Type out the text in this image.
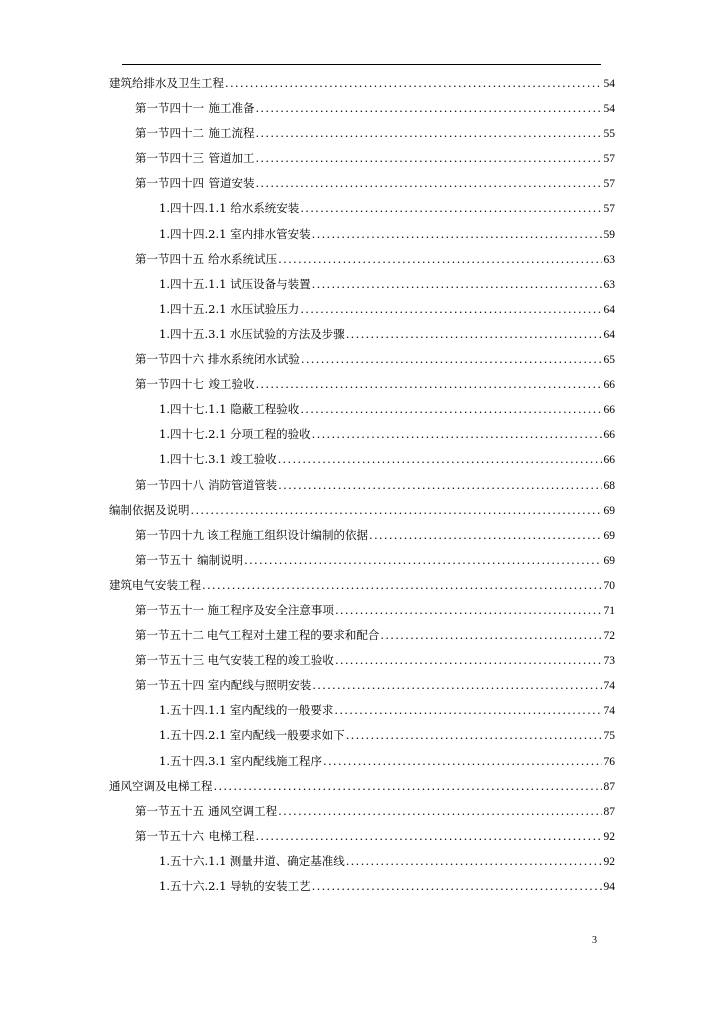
建筑给排水及卫生工程 .....	54
第一节四十一 施工准备 .....	54
第一节四十二 施工流程 .....	55
第一节四十三 管道加工 .....	57
第一节四十四 管道安装 .....	57
1.四十四.1.1 给水系统安装 .....	57
1.四十四.2.1 室内排水管安装 .....	59
第一节四十五 给水系统试压 .....	63
1.四十五.1.1 试压设备与装置 .....	63
1.四十五.2.1 水压试验压力 .....	64
1.四十五.3.1 水压试验的方法及步骤 .....	64
第一节四十六 排水系统闭水试验 .....	65
第一节四十七 竣工验收 .....	66
1.四十七.1.1 隐蔽工程验收 .....	66
1.四十七.2.1 分项工程的验收 .....	66
1.四十七.3.1 竣工验收 .....	66
第一节四十八 消防管道管装 .....	68
编制依据及说明 .....	69
第一节四十九 该工程施工组织设计编制的依据 .....	69
第一节五十 编制说明 .....	69
建筑电气安装工程 .....	70
第一节五十一 施工程序及安全注意事项 .....	71
第一节五十二 电气工程对土建工程的要求和配合 .....	72
第一节五十三 电气安装工程的竣工验收 .....	73
第一节五十四 室内配线与照明安装 .....	74
1.五十四.1.1 室内配线的一般要求 .....	74
1.五十四.2.1 室内配线一般要求如下 .....	75
1.五十四.3.1 室内配线施工程序 .....	76
通风空调及电梯工程 .....	87
第一节五十五 通风空调工程 .....	87
第一节五十六 电梯工程 .....	92
1.五十六.1.1 测量井道、确定基准线 .....	92
1.五十六.2.1 导轨的安装工艺 .....	94
3
